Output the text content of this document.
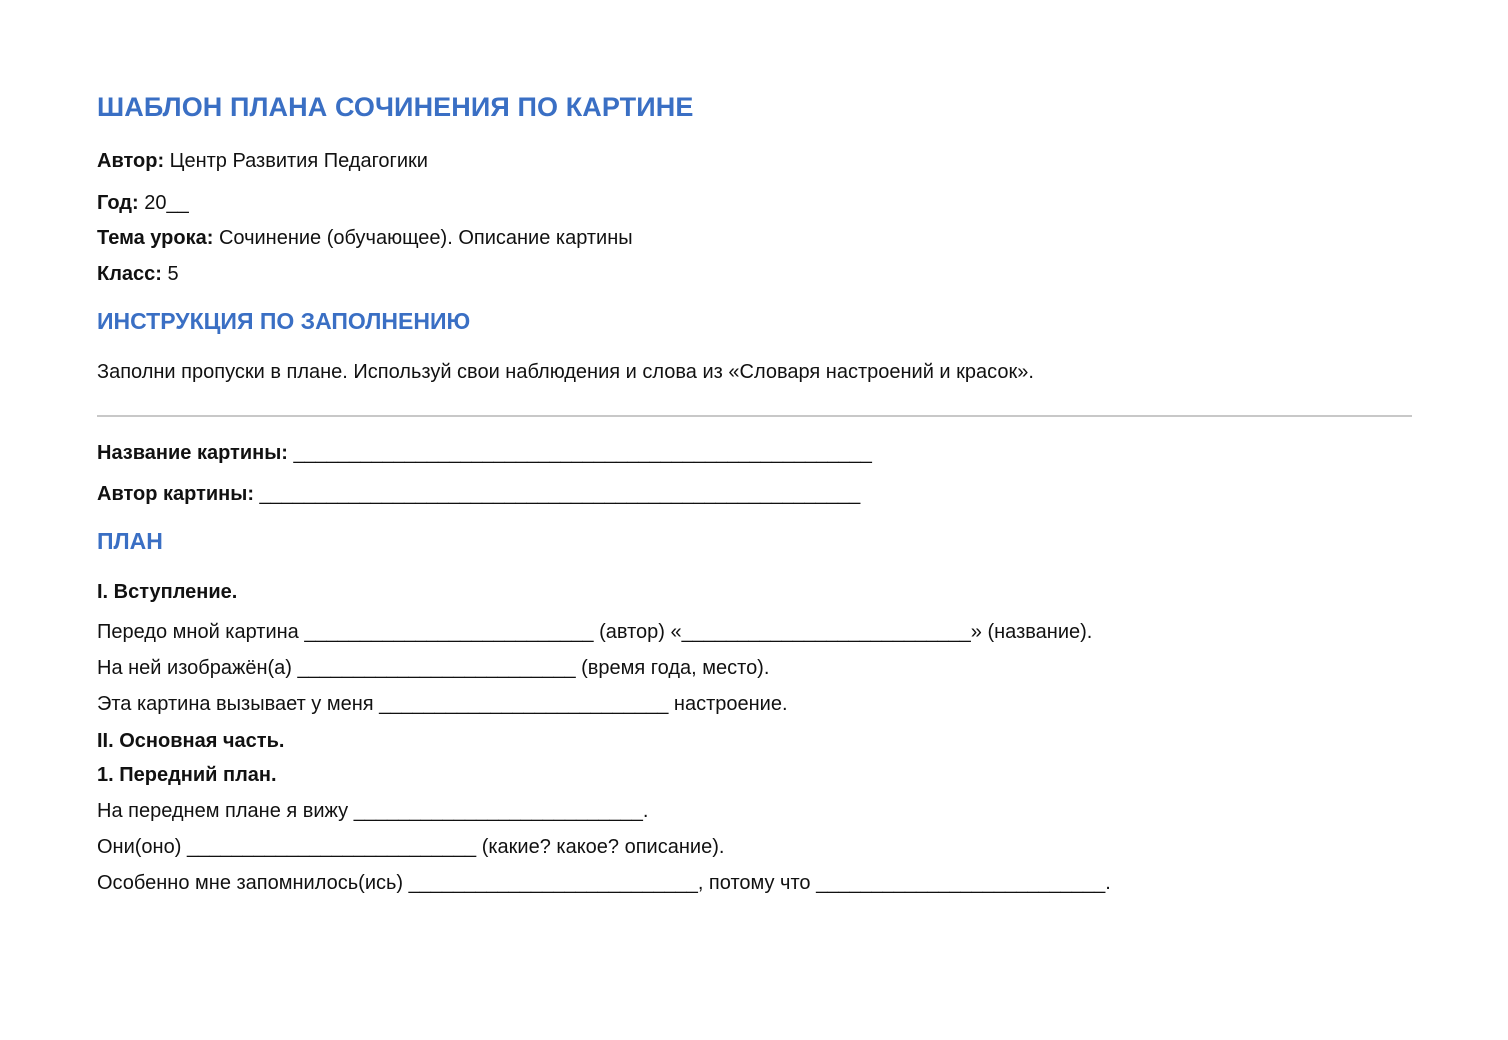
ШАБЛОН ПЛАНА СОЧИНЕНИЯ ПО КАРТИНЕ
Автор: Центр Развития Педагогики
Год: 20__
Тема урока: Сочинение (обучающее). Описание картины
Класс: 5
ИНСТРУКЦИЯ ПО ЗАПОЛНЕНИЮ
Заполни пропуски в плане. Используй свои наблюдения и слова из «Словаря настроений и красок».
Название картины: ____________________________________________________
Автор картины: ______________________________________________________
ПЛАН
I. Вступление.
Передо мной картина __________________________ (автор) «__________________________» (название).
На ней изображён(а) _________________________ (время года, место).
Эта картина вызывает у меня __________________________ настроение.
II. Основная часть.
1. Передний план.
На переднем плане я вижу __________________________.
Они(оно) __________________________ (какие? какое? описание).
Особенно мне запомнилось(ись) __________________________, потому что __________________________.
